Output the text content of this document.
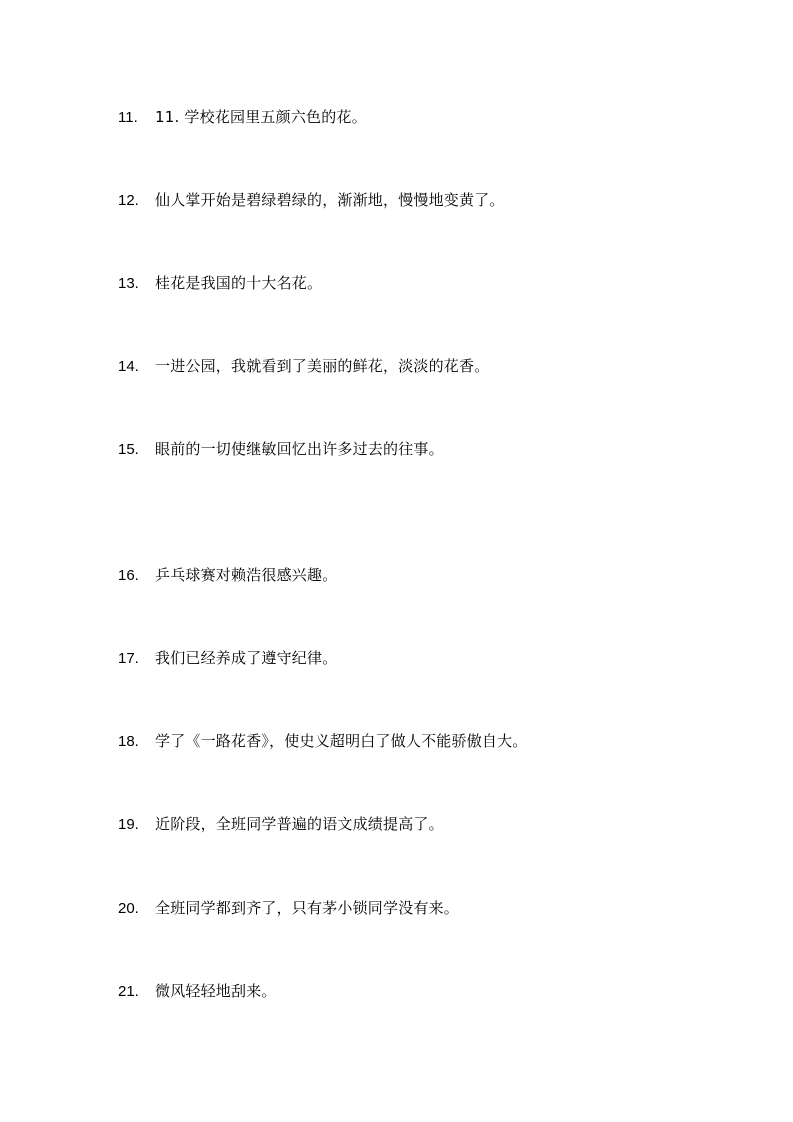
11. 11. 学校花园里五颜六色的花。
12. 仙人掌开始是碧绿碧绿的，渐渐地，慢慢地变黄了。
13. 桂花是我国的十大名花。
14. 一进公园，我就看到了美丽的鲜花，淡淡的花香。
15. 眼前的一切使继敏回忆出许多过去的往事。
16. 乒乓球赛对赖浩很感兴趣。
17. 我们已经养成了遵守纪律。
18. 学了《一路花香》，使史义超明白了做人不能骄傲自大。
19. 近阶段，全班同学普遍的语文成绩提高了。
20. 全班同学都到齐了，只有茅小锁同学没有来。
21. 微风轻轻地刮来。
